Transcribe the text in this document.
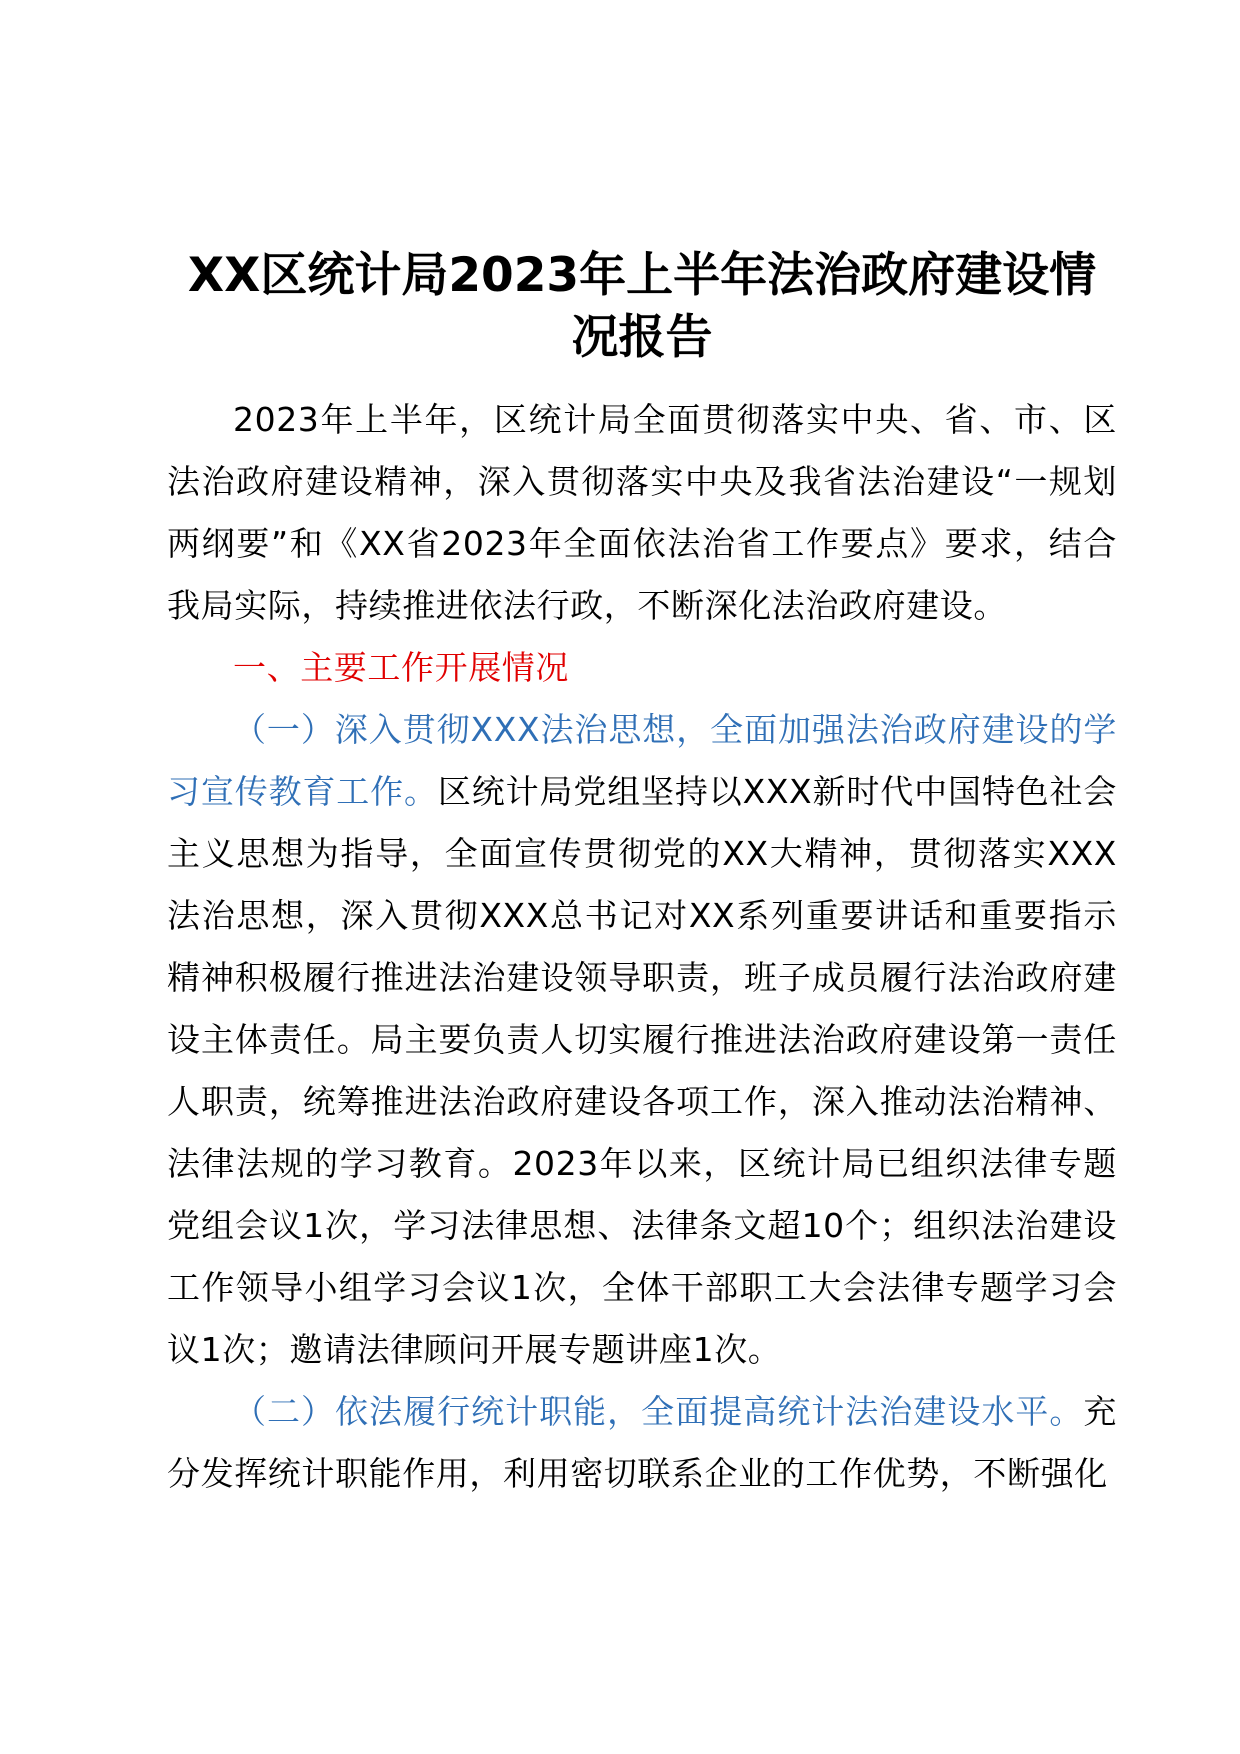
XX区统计局2023年上半年法治政府建设情况报告

2023年上半年，区统计局全面贯彻落实中央、省、市、区法治政府建设精神，深入贯彻落实中央及我省法治建设“一规划两纲要”和《XX省2023年全面依法治省工作要点》要求，结合我局实际，持续推进依法行政，不断深化法治政府建设。

一、主要工作开展情况

（一）深入贯彻XXX法治思想，全面加强法治政府建设的学习宣传教育工作。区统计局党组坚持以XXX新时代中国特色社会主义思想为指导，全面宣传贯彻党的XX大精神，贯彻落实XXX法治思想，深入贯彻XXX总书记对XX系列重要讲话和重要指示精神积极履行推进法治建设领导职责，班子成员履行法治政府建设主体责任。局主要负责人切实履行推进法治政府建设第一责任人职责，统筹推进法治政府建设各项工作，深入推动法治精神、法律法规的学习教育。2023年以来，区统计局已组织法律专题党组会议1次，学习法律思想、法律条文超10个；组织法治建设工作领导小组学习会议1次，全体干部职工大会法律专题学习会议1次；邀请法律顾问开展专题讲座1次。

（二）依法履行统计职能，全面提高统计法治建设水平。充分发挥统计职能作用，利用密切联系企业的工作优势，不断强化
